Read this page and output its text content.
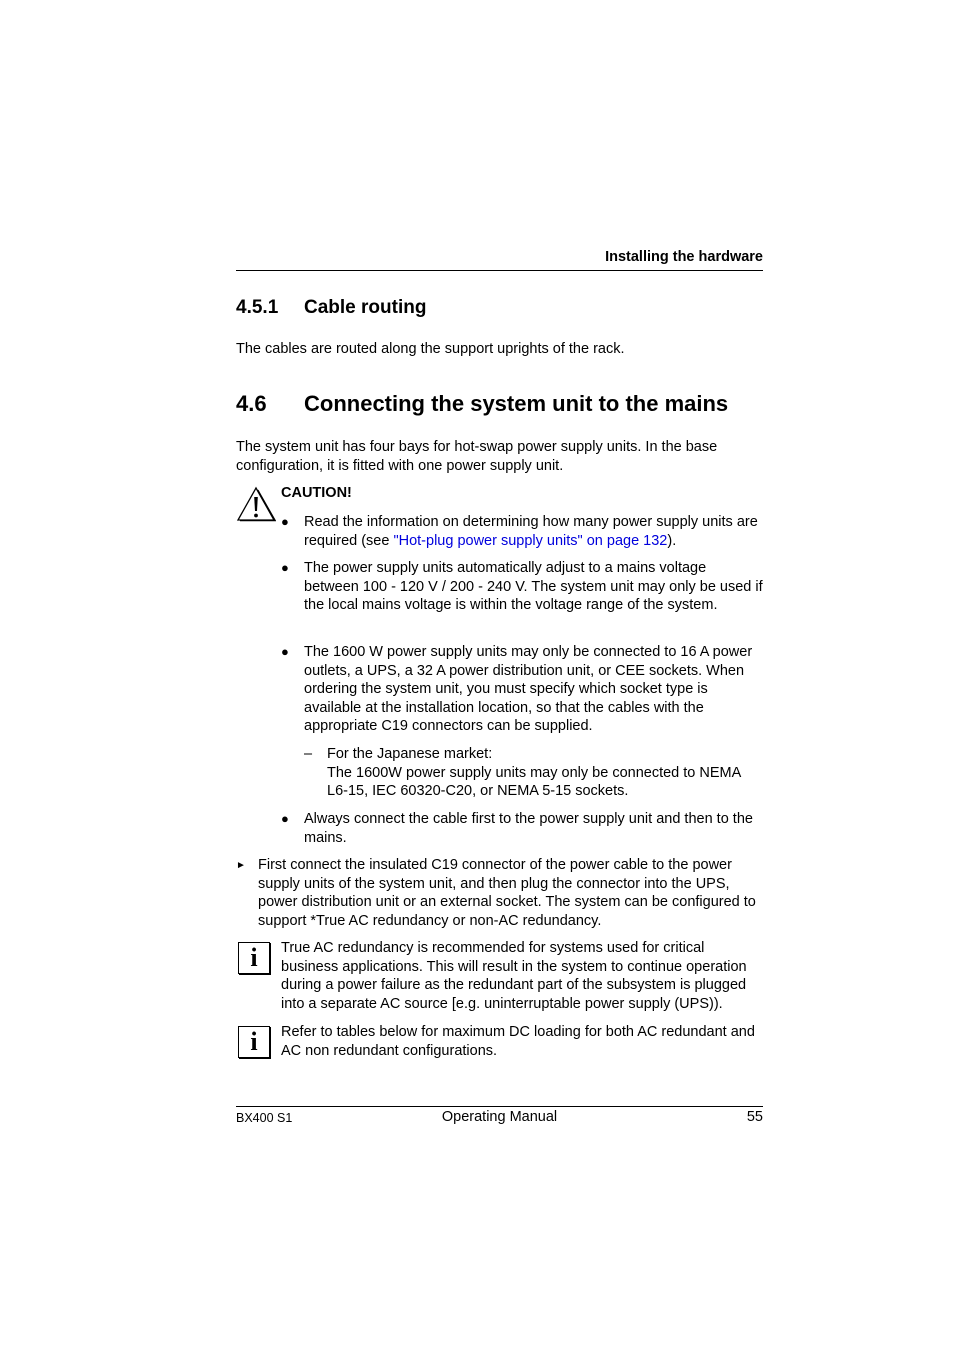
Installing the hardware
4.5.1 Cable routing
The cables are routed along the support uprights of the rack.
4.6 Connecting the system unit to the mains
The system unit has four bays for hot-swap power supply units. In the base configuration, it is fitted with one power supply unit.
CAUTION!
● Read the information on determining how many power supply units are required (see "Hot-plug power supply units" on page 132).
● The power supply units automatically adjust to a mains voltage between 100 - 120 V / 200 - 240 V. The system unit may only be used if the local mains voltage is within the voltage range of the system.
● The 1600 W power supply units may only be connected to 16 A power outlets, a UPS, a 32 A power distribution unit, or CEE sockets. When ordering the system unit, you must specify which socket type is available at the installation location, so that the cables with the appropriate C19 connectors can be supplied.
– For the Japanese market:
The 1600W power supply units may only be connected to NEMA L6-15, IEC 60320-C20, or NEMA 5-15 sockets.
● Always connect the cable first to the power supply unit and then to the mains.
► First connect the insulated C19 connector of the power cable to the power supply units of the system unit, and then plug the connector into the UPS, power distribution unit or an external socket. The system can be configured to support *True AC redundancy or non-AC redundancy.
i	True AC redundancy is recommended for systems used for critical business applications. This will result in the system to continue operation during a power failure as the redundant part of the subsystem is plugged into a separate AC source [e.g. uninterruptable power supply (UPS)).
i	Refer to tables below for maximum DC loading for both AC redundant and AC non redundant configurations.
BX400 S1	Operating Manual	55
